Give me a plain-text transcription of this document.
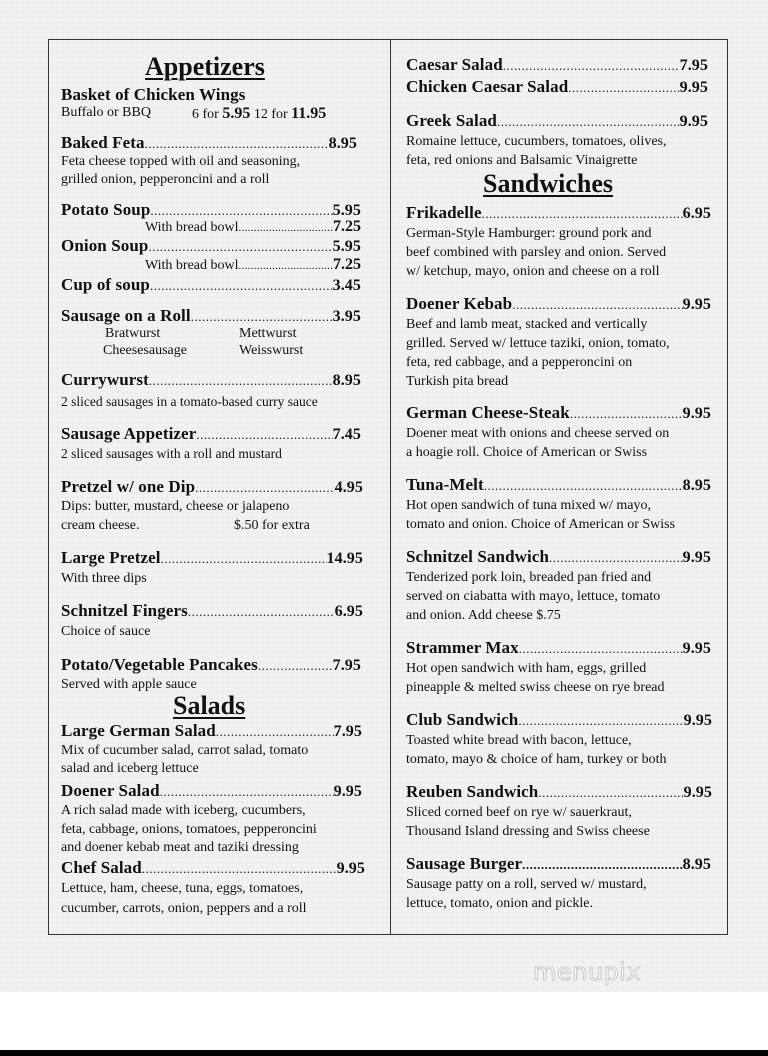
Appetizers
Basket of Chicken Wings
Buffalo or BBQ	6 for 5.95 12 for 11.95
Baked Feta .....	8.95
Feta cheese topped with oil and seasoning,
grilled onion, pepperoncini and a roll
Potato Soup .....	5.95
With bread bowl .....	7.25
Onion Soup .....	5.95
With bread bowl .....	7.25
Cup of soup .....	3.45
Sausage on a Roll .....	3.95
Bratwurst	Mettwurst
Cheesesausage	Weisswurst
Currywurst .....	8.95
2 sliced sausages in a tomato-based curry sauce
Sausage Appetizer .....	7.45
2 sliced sausages with a roll and mustard
Pretzel w/ one Dip .....	4.95
Dips: butter, mustard, cheese or jalapeno
cream cheese.	$.50 for extra
Large Pretzel .....	14.95
With three dips
Schnitzel Fingers .....	6.95
Choice of sauce
Potato/Vegetable Pancakes .....	7.95
Served with apple sauce
Salads
Large German Salad .....	7.95
Mix of cucumber salad, carrot salad, tomato
salad and iceberg lettuce
Doener Salad .....	9.95
A rich salad made with iceberg, cucumbers,
feta, cabbage, onions, tomatoes, pepperoncini
and doener kebab meat and taziki dressing
Chef Salad .....	9.95
Lettuce, ham, cheese, tuna, eggs, tomatoes,
cucumber, carrots, onion, peppers and a roll
Caesar Salad .....	7.95
Chicken Caesar Salad .....	9.95
Greek Salad .....	9.95
Romaine lettuce, cucumbers, tomatoes, olives,
feta, red onions and Balsamic Vinaigrette
Sandwiches
Frikadelle .....	6.95
German-Style Hamburger: ground pork and
beef combined with parsley and onion. Served
w/ ketchup, mayo, onion and cheese on a roll
Doener Kebab .....	9.95
Beef and lamb meat, stacked and vertically
grilled. Served w/ lettuce taziki, onion, tomato,
feta, red cabbage, and a pepperoncini on
Turkish pita bread
German Cheese-Steak .....	9.95
Doener meat with onions and cheese served on
a hoagie roll. Choice of American or Swiss
Tuna-Melt .....	8.95
Hot open sandwich of tuna mixed w/ mayo,
tomato and onion. Choice of American or Swiss
Schnitzel Sandwich .....	9.95
Tenderized pork loin, breaded pan fried and
served on ciabatta with mayo, lettuce, tomato
and onion. Add cheese $.75
Strammer Max .....	9.95
Hot open sandwich with ham, eggs, grilled
pineapple & melted swiss cheese on rye bread
Club Sandwich .....	9.95
Toasted white bread with bacon, lettuce,
tomato, mayo & choice of ham, turkey or both
Reuben Sandwich .....	9.95
Sliced corned beef on rye w/ sauerkraut,
Thousand Island dressing and Swiss cheese
Sausage Burger .....	8.95
Sausage patty on a roll, served w/ mustard,
lettuce, tomato, onion and pickle.
menupix
